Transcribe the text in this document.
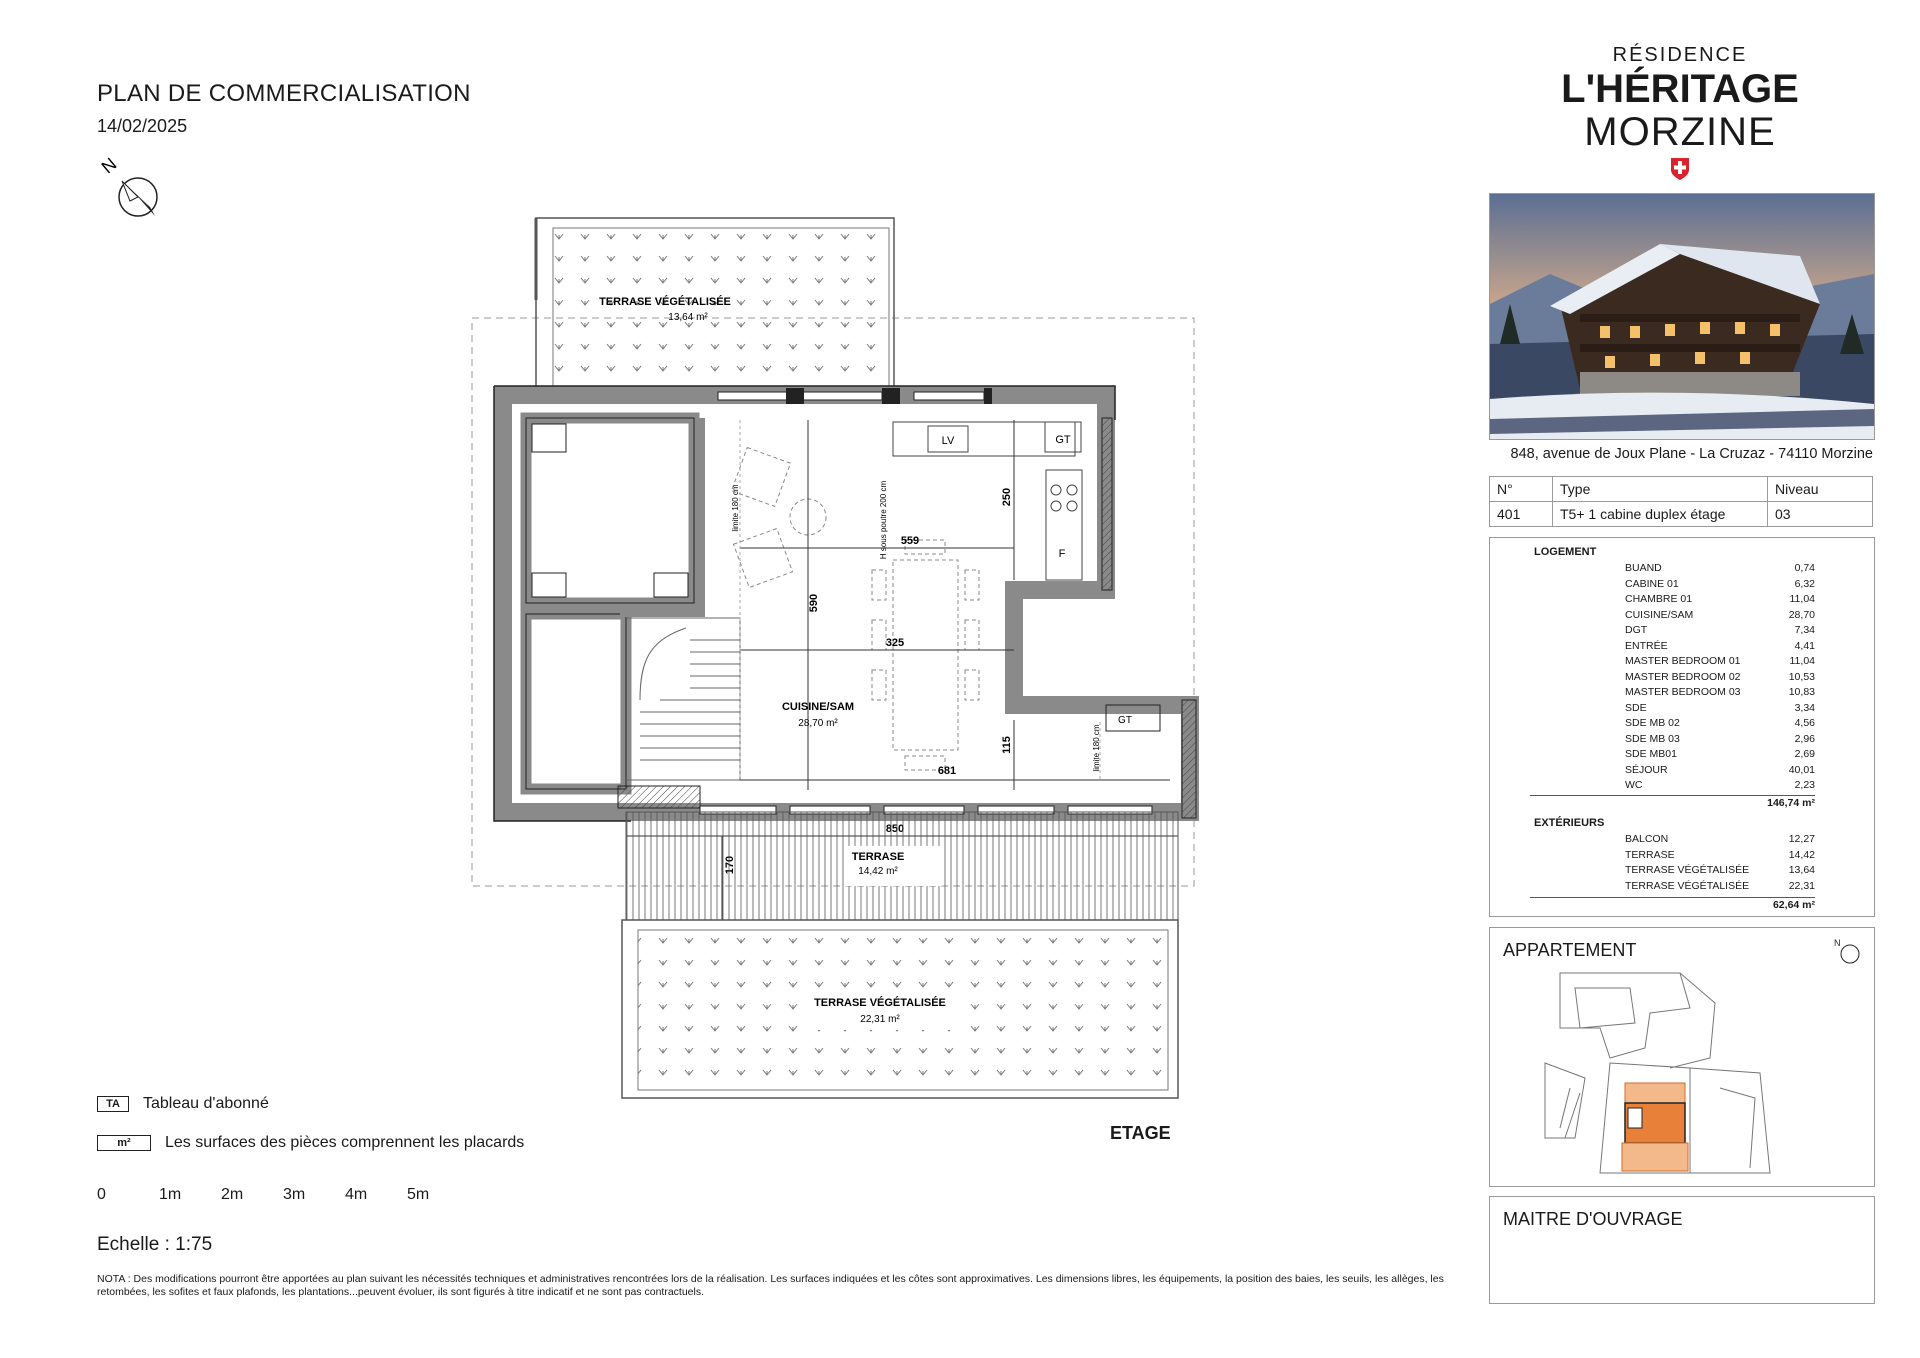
PLAN DE COMMERCIALISATION
14/02/2025
N
TERRASE VÉGÉTALISÉE
13,64 m²
LV	GT
F
GT
559
325
590
250
115
681
limite 180 cm	H sous poutre 200 cm
limite 180 cm
CUISINE/SAM
28,70 m²
TERRASE
14,42 m²
TERRASE VÉGÉTALISÉE
22,31 m²
ETAGE
TA	Tableau d'abonné
m²	Les surfaces des pièces comprennent les placards
0	1m 2m 3m 4m 5m
Echelle : 1:75
NOTA : Des modifications pourront être apportées au plan suivant les nécessités techniques et administratives rencontrées lors de la réalisation. Les surfaces indiquées et les côtes sont approximatives. Les dimensions libres, les équipements, la position des baies, les seuils, les allèges, les retombées, les sofites et faux plafonds, les plantations...peuvent évoluer, ils sont figurés à titre indicatif et ne sont pas contractuels.
RÉSIDENCE
L'HÉRITAGE
MORZINE
848, avenue de Joux Plane - La Cruzaz - 74110 Morzine
N°	Type	Niveau
401	T5+ 1 cabine duplex étage	03
LOGEMENT
BUAND	0,74
CABINE 01	6,32
CHAMBRE 01	11,04
CUISINE/SAM	28,70
DGT	7,34
ENTRÉE	4,41
MASTER BEDROOM 01	11,04
MASTER BEDROOM 02	10,53
MASTER BEDROOM 03	10,83
SDE	3,34
SDE MB 02	4,56
SDE MB 03	2,96
SDE MB01	2,69
SÉJOUR	40,01
WC	2,23
146,74 m²
EXTÉRIEURS
BALCON	12,27
TERRASE	14,42
TERRASE VÉGÉTALISÉE	13,64
TERRASE VÉGÉTALISÉE	22,31
62,64 m²
APPARTEMENT	N
MAITRE D'OUVRAGE
